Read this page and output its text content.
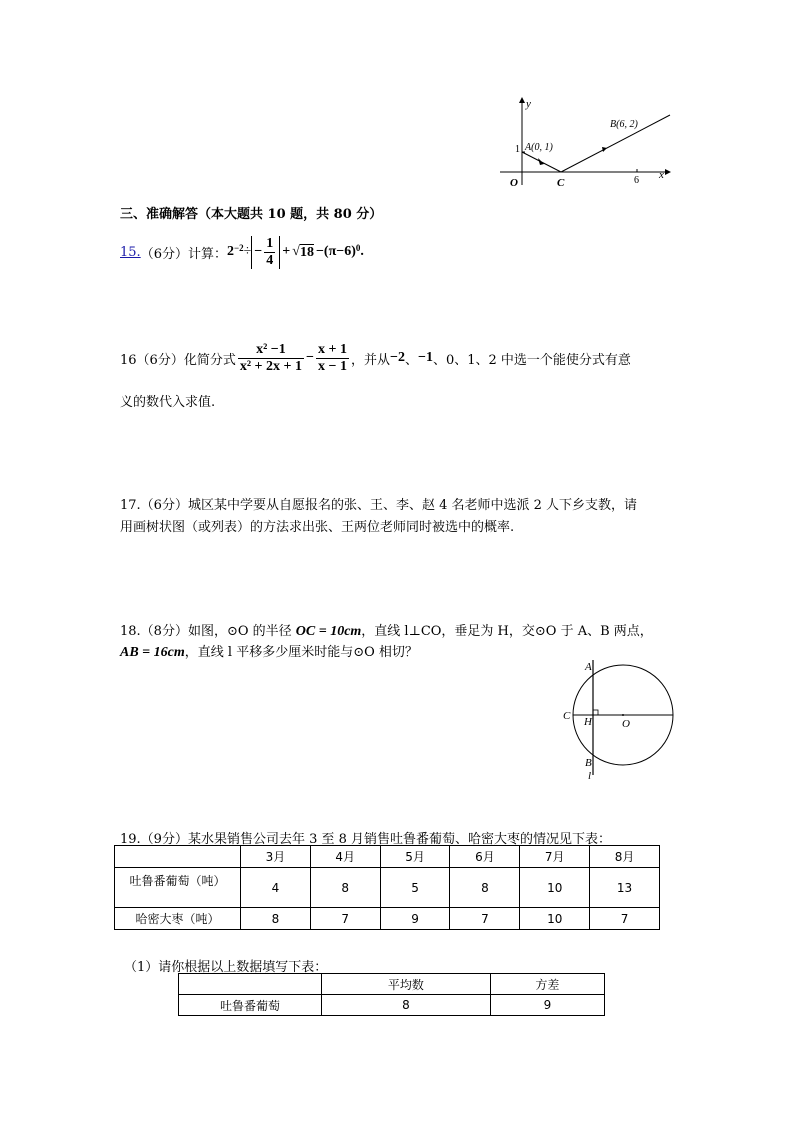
y
x
O
1 A(0, 1)
B(6, 2)
C	6
三、准确解答（本大题共 10 题，共 80 分）
15. （6分）计算： $2^{-2}$ ÷ − $\frac{1}{4}$ + √ $18 -(\pi-6)^0$ .
16（6分）化简分式 $\frac{\text{x² −1}}{\text{x² + 2x + 1}} - \frac{x + 1}{x - 1}$ ，并从 −2 、 −1 、0、1、2 中选一个能使分式有意
义的数代入求值.
17.（6分）城区某中学要从自愿报名的张、王、李、赵 4 名老师中选派 2 人下乡支教，请
用画树状图（或列表）的方法求出张、王两位老师同时被选中的概率.
18.（8分）如图，⊙O 的半径 OC = 10cm，直线 l⊥CO，垂足为 H，交⊙O 于 A、B 两点，
AB = 16cm，直线 l 平移多少厘米时能与⊙O 相切？
A
C H	O
B
l
19.（9分）某水果销售公司去年 3 至 8 月销售吐鲁番葡萄、哈密大枣的情况见下表：
	3月	4月	5月	6月	7月	8月
吐鲁番葡萄（吨）	4	8	5	8	10	13
哈密大枣（吨）	8	7	9	7	10	7
（1）请你根据以上数据填写下表：
	平均数	方差
吐鲁番葡萄	8	9
